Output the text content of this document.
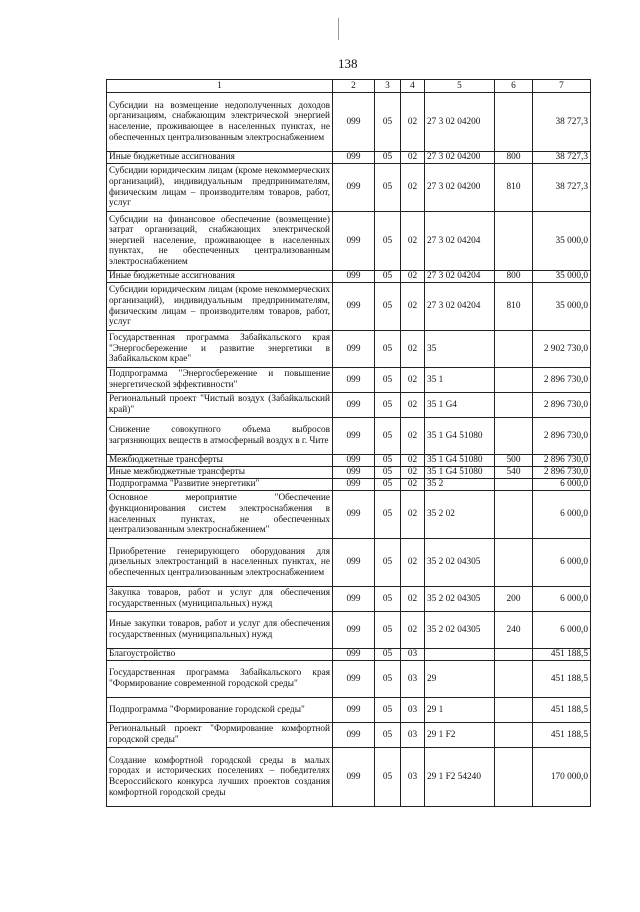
138
1	2	3	4	5	6	7
Субсидии на возмещение недополученных доходов организациям, снабжающим электрической энергией население, проживающее в населенных пунктах, не обеспеченных централизованным электроснабжением	099	05	02	27 3 02 04200		38 727,3
Иные бюджетные ассигнования	099	05	02	27 3 02 04200	800	38 727,3
Субсидии юридическим лицам (кроме некоммерческих организаций), индивидуальным предпринимателям, физическим лицам – производителям товаров, работ, услуг	099	05	02	27 3 02 04200	810	38 727,3
Субсидии на финансовое обеспечение (возмещение) затрат организаций, снабжающих электрической энергией население, проживающее в населенных пунктах, не обеспеченных централизованным электроснабжением	099	05	02	27 3 02 04204		35 000,0
Иные бюджетные ассигнования	099	05	02	27 3 02 04204	800	35 000,0
Субсидии юридическим лицам (кроме некоммерческих организаций), индивидуальным предпринимателям, физическим лицам – производителям товаров, работ, услуг	099	05	02	27 3 02 04204	810	35 000,0
Государственная программа Забайкальского края "Энергосбережение и развитие энергетики в Забайкальском крае"	099	05	02	35		2 902 730,0
Подпрограмма "Энергосбережение и повышение энергетической эффективности"	099	05	02	35 1		2 896 730,0
Региональный проект "Чистый воздух (Забайкальский край)"	099	05	02	35 1 G4		2 896 730,0
Снижение совокупного объема выбросов загрязняющих веществ в атмосферный воздух в г. Чите	099	05	02	35 1 G4 51080		2 896 730,0
Межбюджетные трансферты	099	05	02	35 1 G4 51080	500	2 896 730,0
Иные межбюджетные трансферты	099	05	02	35 1 G4 51080	540	2 896 730,0
Подпрограмма "Развитие энергетики"	099	05	02	35 2		6 000,0
Основное мероприятие "Обеспечение функционирования систем электроснабжения в населенных пунктах, не обеспеченных централизованным электроснабжением"	099	05	02	35 2 02		6 000,0
Приобретение генерирующего оборудования для дизельных электростанций в населенных пунктах, не обеспеченных централизованным электроснабжением	099	05	02	35 2 02 04305		6 000,0
Закупка товаров, работ и услуг для обеспечения государственных (муниципальных) нужд	099	05	02	35 2 02 04305	200	6 000,0
Иные закупки товаров, работ и услуг для обеспечения государственных (муниципальных) нужд	099	05	02	35 2 02 04305	240	6 000,0
Благоустройство	099	05	03			451 188,5
Государственная программа Забайкальского края "Формирование современной городской среды"	099	05	03	29		451 188,5
Подпрограмма "Формирование городской среды"	099	05	03	29 1		451 188,5
Региональный проект "Формирование комфортной городской среды"	099	05	03	29 1 F2		451 188,5
Создание комфортной городской среды в малых городах и исторических поселениях – победителях Всероссийского конкурса лучших проектов создания комфортной городской среды	099	05	03	29 1 F2 54240		170 000,0
